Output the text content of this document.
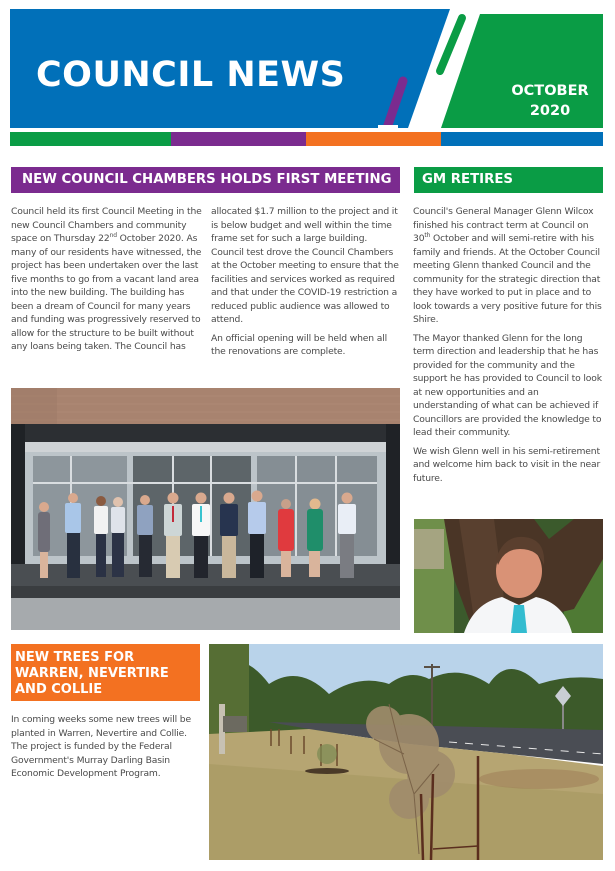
COUNCIL NEWS	OCTOBER
2020
NEW COUNCIL CHAMBERS HOLDS FIRST MEETING

Council held its first Council Meeting in the new Council Chambers and community space on Thursday 22nd October 2020. As many of our residents have witnessed, the project has been undertaken over the last five months to go from a vacant land area into the new building. The building has been a dream of Council for many years and funding was progressively reserved to allow for the structure to be built without any loans being taken. The Council has

allocated $1.7 million to the project and it is below budget and well within the time frame set for such a large building. Council test drove the Council Chambers at the October meeting to ensure that the facilities and services worked as required and that under the COVID-19 restriction a reduced public audience was allowed to attend.

An official opening will be held when all the renovations are complete.

GM RETIRES

Council's General Manager Glenn Wilcox finished his contract term at Council on 30th October and will semi-retire with his family and friends. At the October Council meeting Glenn thanked Council and the community for the strategic direction that they have worked to put in place and to look towards a very positive future for this Shire.

The Mayor thanked Glenn for the long term direction and leadership that he has provided for the community and the support he has provided to Council to look at new opportunities and an understanding of what can be achieved if Councillors are provided the knowledge to lead their community.

We wish Glenn well in his semi-retirement and welcome him back to visit in the near future.

NEW TREES FOR WARREN, NEVERTIRE AND COLLIE

In coming weeks some new trees will be planted in Warren, Nevertire and Collie. The project is funded by the Federal Government's Murray Darling Basin Economic Development Program.
